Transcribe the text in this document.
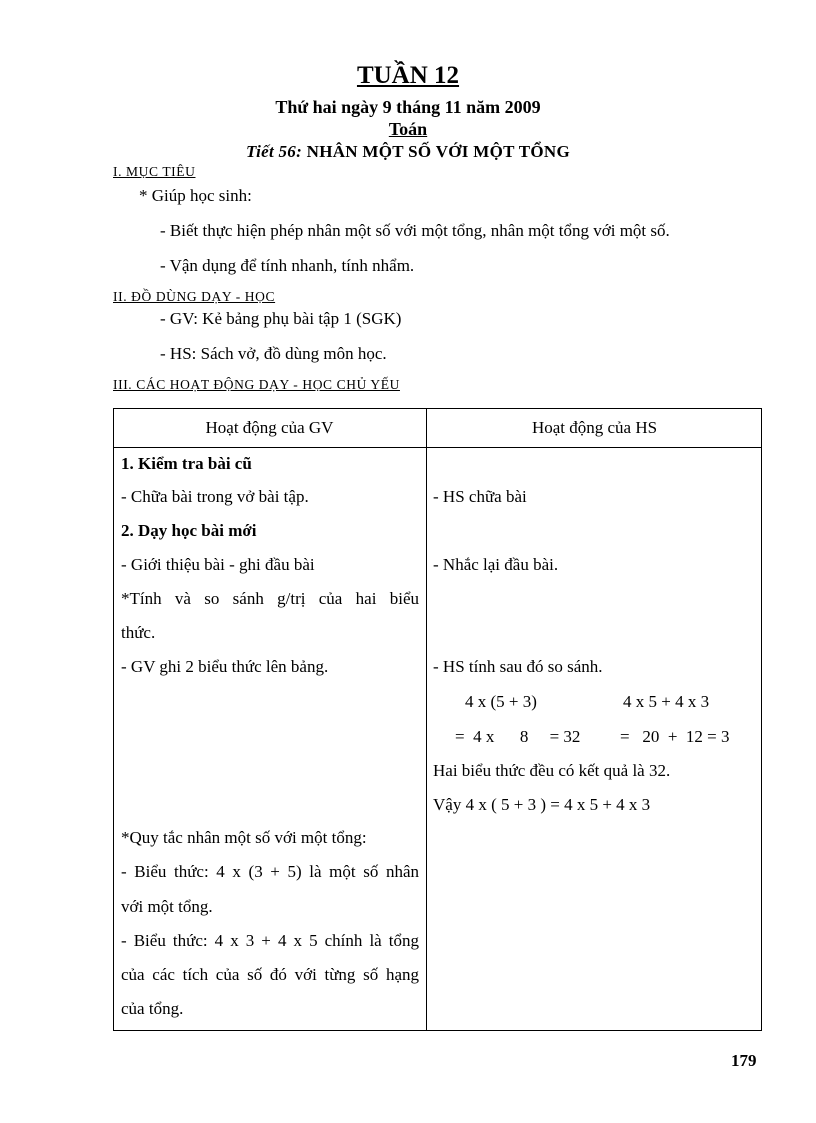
TUẦN 12
Thứ hai ngày 9 tháng 11 năm 2009
Toán
Tiết 56: NHÂN MỘT SỐ VỚI MỘT TỔNG
I. MỤC TIÊU
* Giúp học sinh:
- Biết thực hiện phép nhân một số với một tổng, nhân một tổng với một số.
- Vận dụng để tính nhanh, tính nhẩm.
II. ĐỒ DÙNG DẠY - HỌC
- GV: Kẻ bảng phụ bài tập 1 (SGK)
- HS: Sách vở, đồ dùng môn học.
III. CÁC HOẠT ĐỘNG DẠY - HỌC CHỦ YẾU
Hoạt động của GV	Hoạt động của HS
1. Kiểm tra bài cũ
- Chữa bài trong vở bài tập.
2. Dạy học bài mới
- Giới thiệu bài - ghi đầu bài
*Tính và so sánh g/trị của hai biểu
thức.
- GV ghi 2 biểu thức lên bảng.
*Quy tắc nhân một số với một tổng:
- Biểu thức: 4 x (3 + 5) là một số nhân
với một tổng.
- Biểu thức: 4 x 3 + 4 x 5 chính là tổng
của các tích của số đó với từng số hạng
của tổng.
- HS chữa bài
- Nhắc lại đầu bài.
- HS tính sau đó so sánh.
4 x (5 + 3)	4 x 5 + 4 x 3
=  4 x      8     = 32 =   20  +  12 = 3
Hai biểu thức đều có kết quả là 32.
Vậy 4 x ( 5 + 3 ) = 4 x 5 + 4 x 3
179
